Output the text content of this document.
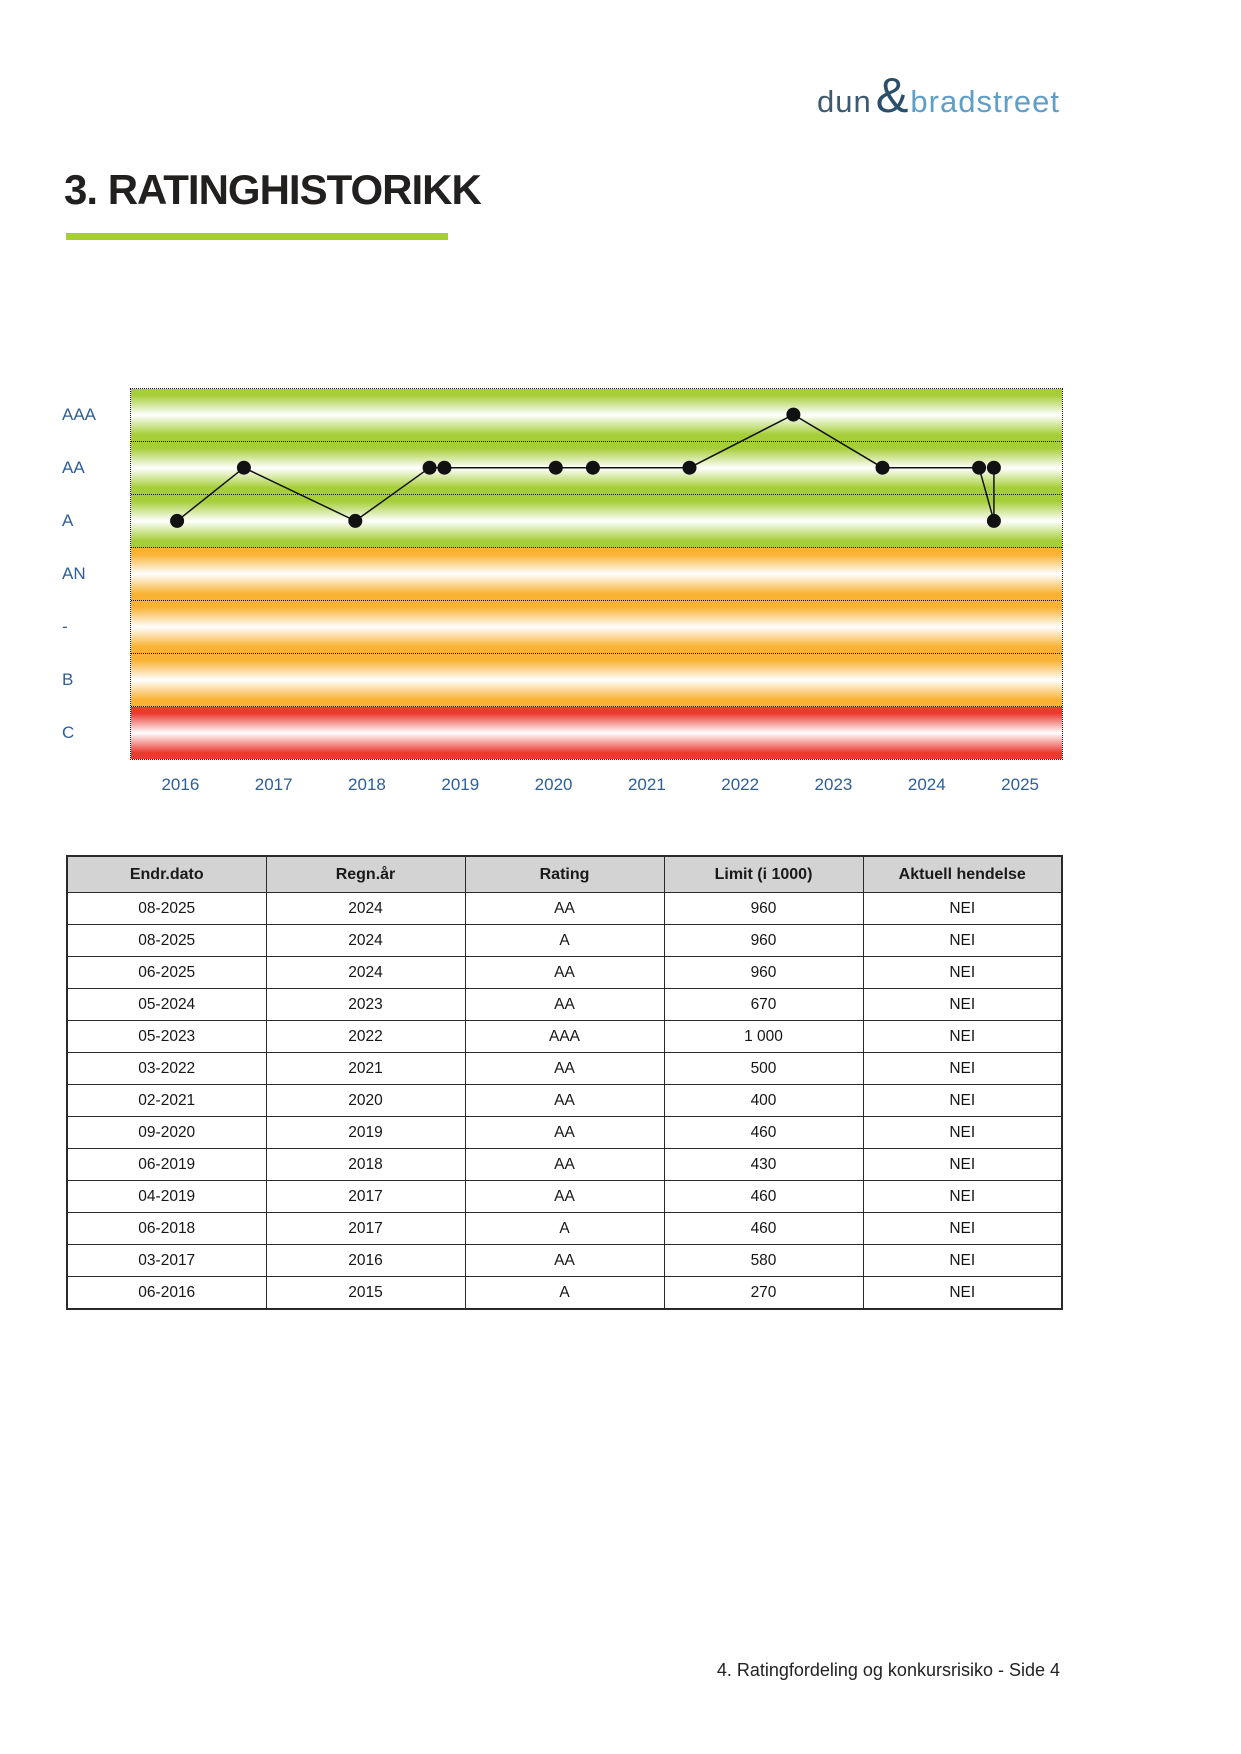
dun & bradstreet
3. RATINGHISTORIKK
AAA
AA
A
AN
-
B
C
2016	2017	2018	2019	2020	2021	2022	2023	2024	2025
Endr.dato	Regn.år	Rating	Limit (i 1000)	Aktuell hendelse
08-2025	2024	AA	960	NEI
08-2025	2024	A	960	NEI
06-2025	2024	AA	960	NEI
05-2024	2023	AA	670	NEI
05-2023	2022	AAA	1 000	NEI
03-2022	2021	AA	500	NEI
02-2021	2020	AA	400	NEI
09-2020	2019	AA	460	NEI
06-2019	2018	AA	430	NEI
04-2019	2017	AA	460	NEI
06-2018	2017	A	460	NEI
03-2017	2016	AA	580	NEI
06-2016	2015	A	270	NEI
4. Ratingfordeling og konkursrisiko - Side 4
